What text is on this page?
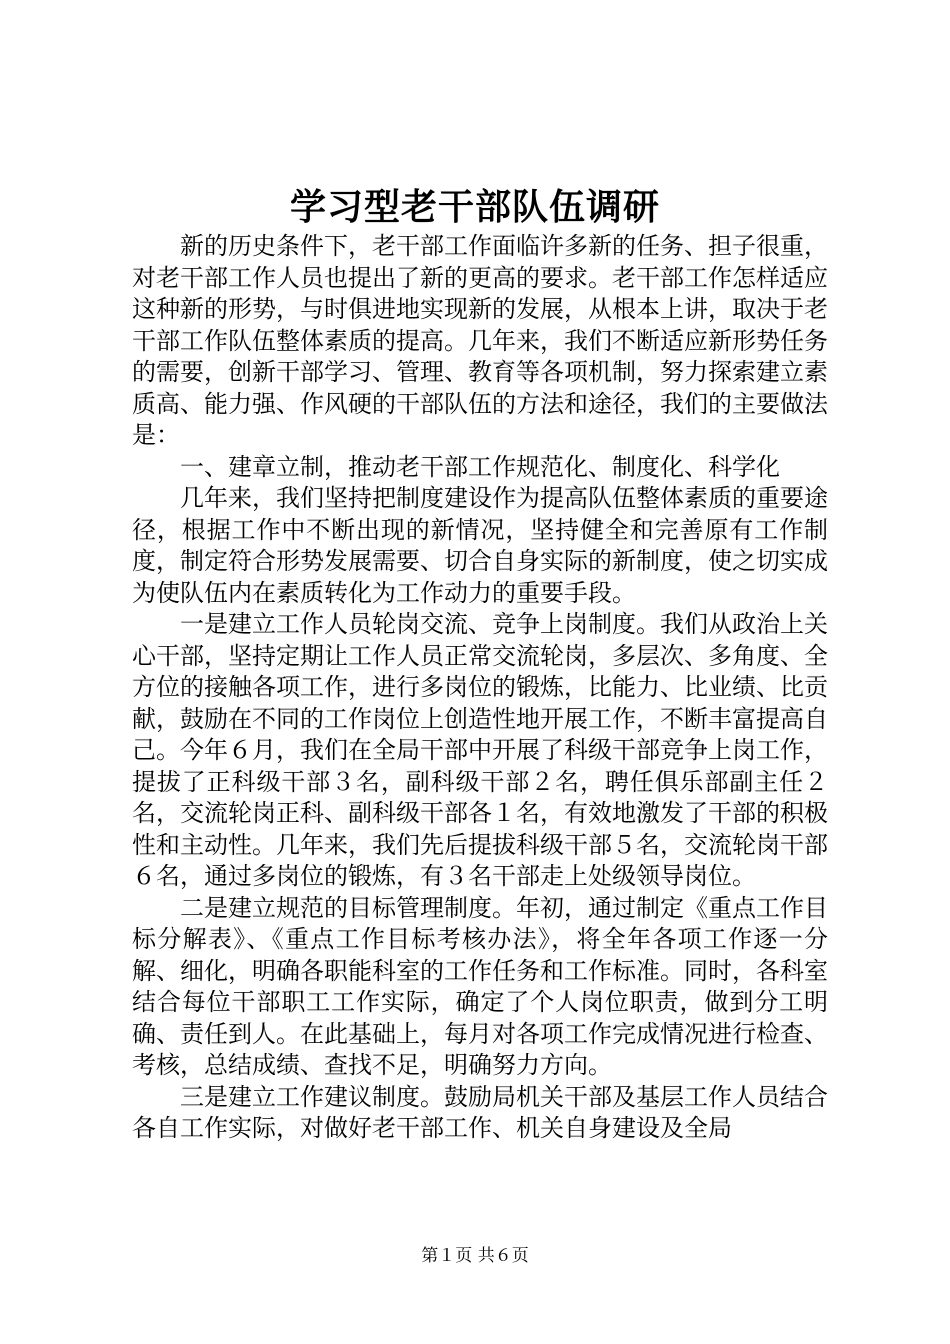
学习型老干部队伍调研

新的历史条件下，老干部工作面临许多新的任务、担子很重，对老干部工作人员也提出了新的更高的要求。老干部工作怎样适应这种新的形势，与时俱进地实现新的发展，从根本上讲，取决于老干部工作队伍整体素质的提高。几年来，我们不断适应新形势任务的需要，创新干部学习、管理、教育等各项机制，努力探索建立素质高、能力强、作风硬的干部队伍的方法和途径，我们的主要做法是：

一、建章立制，推动老干部工作规范化、制度化、科学化

几年来，我们坚持把制度建设作为提高队伍整体素质的重要途径，根据工作中不断出现的新情况，坚持健全和完善原有工作制度，制定符合形势发展需要、切合自身实际的新制度，使之切实成为使队伍内在素质转化为工作动力的重要手段。

一是建立工作人员轮岗交流、竞争上岗制度。我们从政治上关心干部，坚持定期让工作人员正常交流轮岗，多层次、多角度、全方位的接触各项工作，进行多岗位的锻炼，比能力、比业绩、比贡献，鼓励在不同的工作岗位上创造性地开展工作，不断丰富提高自己。今年６月，我们在全局干部中开展了科级干部竞争上岗工作，提拔了正科级干部３名，副科级干部２名，聘任俱乐部副主任２名，交流轮岗正科、副科级干部各１名，有效地激发了干部的积极性和主动性。几年来，我们先后提拔科级干部５名，交流轮岗干部６名，通过多岗位的锻炼，有３名干部走上处级领导岗位。

二是建立规范的目标管理制度。年初，通过制定《重点工作目标分解表》、《重点工作目标考核办法》，将全年各项工作逐一分解、细化，明确各职能科室的工作任务和工作标准。同时，各科室结合每位干部职工工作实际，确定了个人岗位职责，做到分工明确、责任到人。在此基础上，每月对各项工作完成情况进行检查、考核，总结成绩、查找不足，明确努力方向。

三是建立工作建议制度。鼓励局机关干部及基层工作人员结合各自工作实际，对做好老干部工作、机关自身建设及全局

第１页 共６页
